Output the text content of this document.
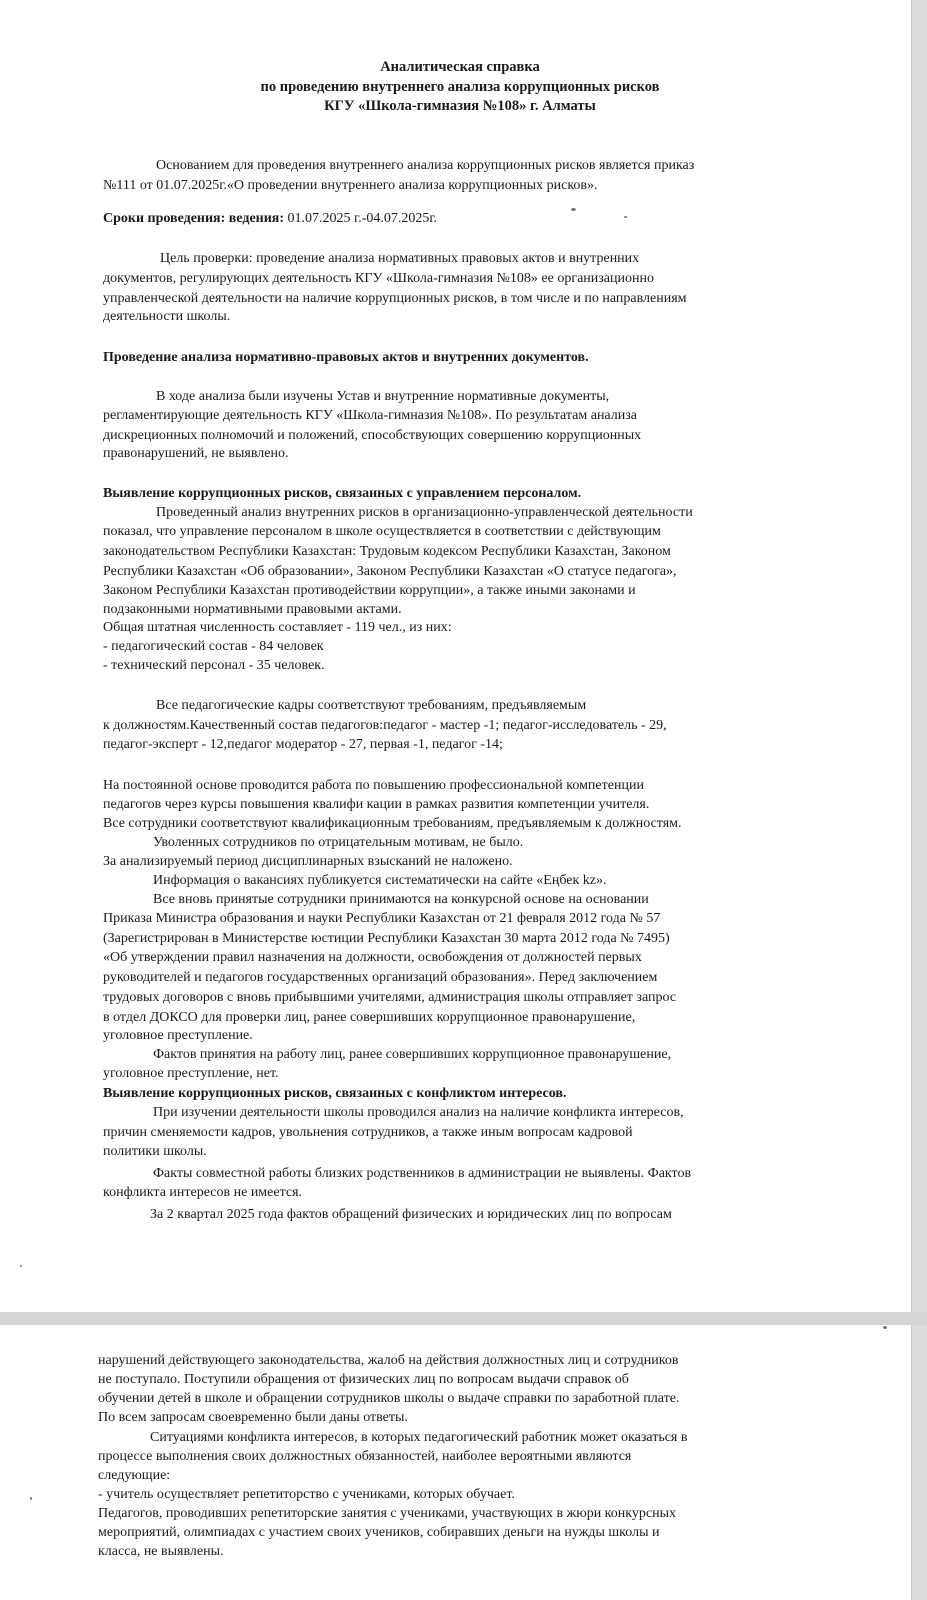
Аналитическая справка
по проведению внутреннего анализа коррупционных рисков
КГУ «Школа-гимназия №108» г. Алматы
Основанием для проведения внутреннего анализа коррупционных рисков является приказ
№111 от 01.07.2025г.«О проведении внутреннего анализа коррупционных рисков».
Сроки проведения: ведения: 01.07.2025 г.-04.07.2025г.
Цель проверки: проведение анализа нормативных правовых актов и внутренних
документов, регулирующих деятельность КГУ «Школа-гимназия №108» ее организационно
управленческой деятельности на наличие коррупционных рисков, в том числе и по направлениям
деятельности школы.
Проведение анализа нормативно-правовых актов и внутренних документов.
В ходе анализа были изучены Устав и внутренние нормативные документы,
регламентирующие деятельность КГУ «Школа-гимназия №108». По результатам анализа
дискреционных полномочий и положений, способствующих совершению коррупционных
правонарушений, не выявлено.
Выявление коррупционных рисков, связанных с управлением персоналом.
Проведенный анализ внутренних рисков в организационно-управленческой деятельности
показал, что управление персоналом в школе осуществляется в соответствии с действующим
законодательством Республики Казахстан: Трудовым кодексом Республики Казахстан, Законом
Республики Казахстан «Об образовании», Законом Республики Казахстан «О статусе педагога»,
Законом Республики Казахстан противодействии коррупции», а также иными законами и
подзаконными нормативными правовыми актами.
Общая штатная численность составляет - 119 чел., из них:
- педагогический состав - 84 человек
- технический персонал - 35 человек.
Все педагогические кадры соответствуют требованиям, предъявляемым
к должностям.Качественный состав педагогов:педагог - мастер -1; педагог-исследователь - 29,
педагог-эксперт - 12,педагог модератор - 27, первая -1, педагог -14;
На постоянной основе проводится работа по повышению профессиональной компетенции
педагогов через курсы повышения квалифи кации в рамках развития компетенции учителя.
Все сотрудники соответствуют квалификационным требованиям, предъявляемым к должностям.
Уволенных сотрудников по отрицательным мотивам, не было.
За анализируемый период дисциплинарных взысканий не наложено.
Информация о вакансиях публикуется систематически на сайте «Еңбек kz».
Все вновь принятые сотрудники принимаются на конкурсной основе на основании
Приказа Министра образования и науки Республики Казахстан от 21 февраля 2012 года № 57
(Зарегистрирован в Министерстве юстиции Республики Казахстан 30 марта 2012 года № 7495)
«Об утверждении правил назначения на должности, освобождения от должностей первых
руководителей и педагогов государственных организаций образования». Перед заключением
трудовых договоров с вновь прибывшими учителями, администрация школы отправляет запрос
в отдел ДОКСО для проверки лиц, ранее совершивших коррупционное правонарушение,
уголовное преступление.
Фактов принятия на работу лиц, ранее совершивших коррупционное правонарушение,
уголовное преступление, нет.
Выявление коррупционных рисков, связанных с конфликтом интересов.
При изучении деятельности школы проводился анализ на наличие конфликта интересов,
причин сменяемости кадров, увольнения сотрудников, а также иным вопросам кадровой
политики школы.
Факты совместной работы близких родственников в администрации не выявлены. Фактов
конфликта интересов не имеется.
За 2 квартал 2025 года фактов обращений физических и юридических лиц по вопросам
нарушений действующего законодательства, жалоб на действия должностных лиц и сотрудников
не поступало. Поступили обращения от физических лиц по вопросам выдачи справок об
обучении детей в школе и обращении сотрудников школы о выдаче справки по заработной плате.
По всем запросам своевременно были даны ответы.
Ситуациями конфликта интересов, в которых педагогический работник может оказаться в
процессе выполнения своих должностных обязанностей, наиболее вероятными являются
следующие:
- учитель осуществляет репетиторство с учениками, которых обучает.
Педагогов, проводивших репетиторские занятия с учениками, участвующих в жюри конкурсных
мероприятий, олимпиадах с участием своих учеников, собиравших деньги на нужды школы и
класса, не выявлены.
